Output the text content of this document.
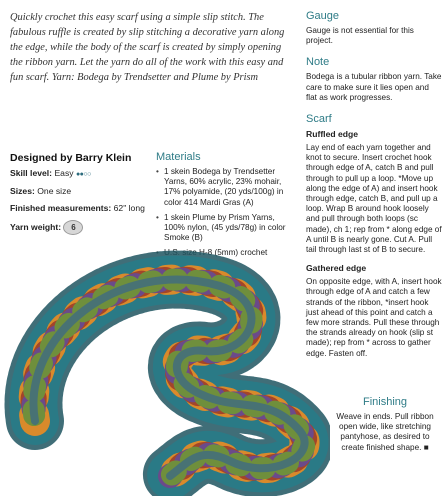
Quickly crochet this easy scarf using a simple slip stitch. The fabulous ruffle is created by slip stitching a decorative yarn along the edge, while the body of the scarf is created by simply opening the ribbon yarn. Let the yarn do all of the work with this easy and fun scarf. Yarn: Bodega by Trendsetter and Plume by Prism

Designed by Barry Klein

Skill level: Easy ●●○○

Sizes: One size

Finished measurements: 62" long

Yarn weight: 6

Materials
• 1 skein Bodega by Trendsetter Yarns, 60% acrylic, 23% mohair, 17% polyamide, (20 yds/100g) in color 414 Mardi Gras (A)
• 1 skein Plume by Prism Yarns, 100% nylon, (45 yds/78g) in color Smoke (B)
• U.S. size H-8 (5mm) crochet hook
• Yarn needle
Gauge

Gauge is not essential for this project.

Note

Bodega is a tubular ribbon yarn. Take care to make sure it lies open and flat as work progresses.

Scarf

Ruffled edge

Lay end of each yarn together and knot to secure. Insert crochet hook through edge of A, catch B and pull through to pull up a loop. *Move up along the edge of A) and insert hook through edge, catch B, and pull up a loop. Wrap B around hook loosely and pull through both loops (sc made), ch 1; rep from * along edge of A until B is nearly gone. Cut A. Pull tail through last st of B to secure.

Gathered edge

On opposite edge, with A, insert hook through edge of A and catch a few strands of the ribbon, *insert hook just ahead of this point and catch a few more strands. Pull these through the strands already on hook (slip st made); rep from * across to gather edge. Fasten off.

Finishing

Weave in ends. Pull ribbon open wide, like stretching pantyhose, as desired to create finished shape. ■
